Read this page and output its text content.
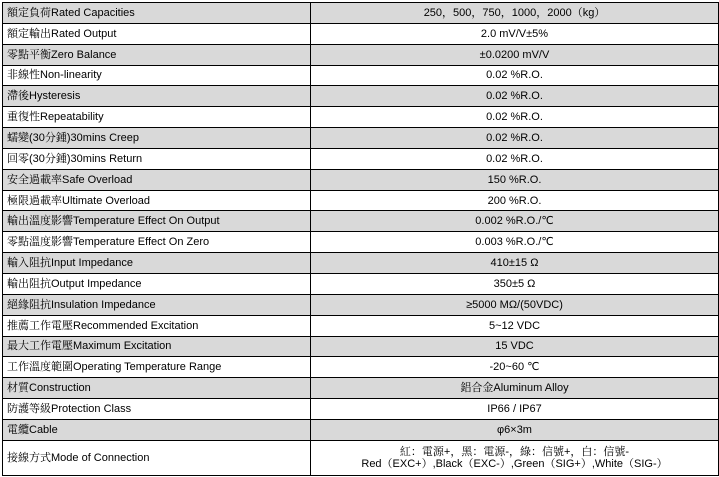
額定負荷Rated Capacities	250，500，750，1000，2000（kg）
額定輸出Rated Output	2.0 mV/V±5%
零點平衡Zero Balance	±0.0200 mV/V
非線性Non-linearity	0.02 %R.O.
滯後Hysteresis	0.02 %R.O.
重復性Repeatability	0.02 %R.O.
蠕變(30分鍾)30mins Creep	0.02 %R.O.
回零(30分鍾)30mins Return	0.02 %R.O.
安全過載率Safe Overload	150 %R.O.
極限過載率Ultimate Overload	200 %R.O.
輸出溫度影響Temperature Effect On Output	0.002 %R.O./℃
零點溫度影響Temperature Effect On Zero	0.003 %R.O./℃
輸入阻抗Input Impedance	410±15 Ω
輸出阻抗Output Impedance	350±5 Ω
絕緣阻抗Insulation Impedance	≥5000 MΩ/(50VDC)
推薦工作電壓Recommended Excitation	5~12 VDC
最大工作電壓Maximum Excitation	15 VDC
工作溫度範圍Operating Temperature Range	-20~60 ℃
材質Construction	鋁合金Aluminum Alloy
防護等級Protection Class	IP66 / IP67
電纜Cable	φ6×3m
接線方式Mode of Connection	紅：電源+，黑：電源-，綠：信號+，白：信號-
Red（EXC+）,Black（EXC-）,Green（SIG+）,White（SIG-）
